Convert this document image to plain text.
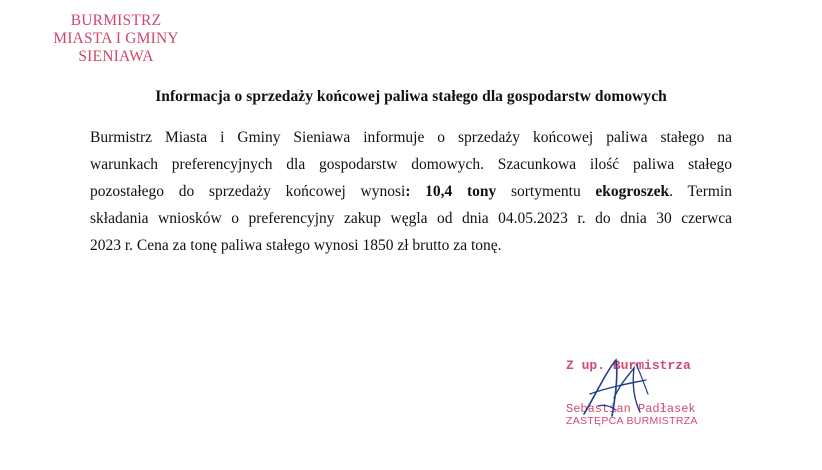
BURMISTRZ
MIASTA I GMINY
SIENIAWA
Informacja o sprzedaży końcowej paliwa stałego dla gospodarstw domowych
Burmistrz Miasta i Gminy Sieniawa informuje o sprzedaży końcowej paliwa stałego na
warunkach preferencyjnych dla gospodarstw domowych. Szacunkowa ilość paliwa stałego
pozostałego do sprzedaży końcowej wynosi: 10,4 tony sortymentu ekogroszek. Termin
składania wniosków o preferencyjny zakup węgla od dnia 04.05.2023 r. do dnia 30 czerwca
2023 r. Cena za tonę paliwa stałego wynosi 1850 zł brutto za tonę.
Z up. Burmistrza
Sebastian Padłasek
ZASTĘPCA BURMISTRZA
